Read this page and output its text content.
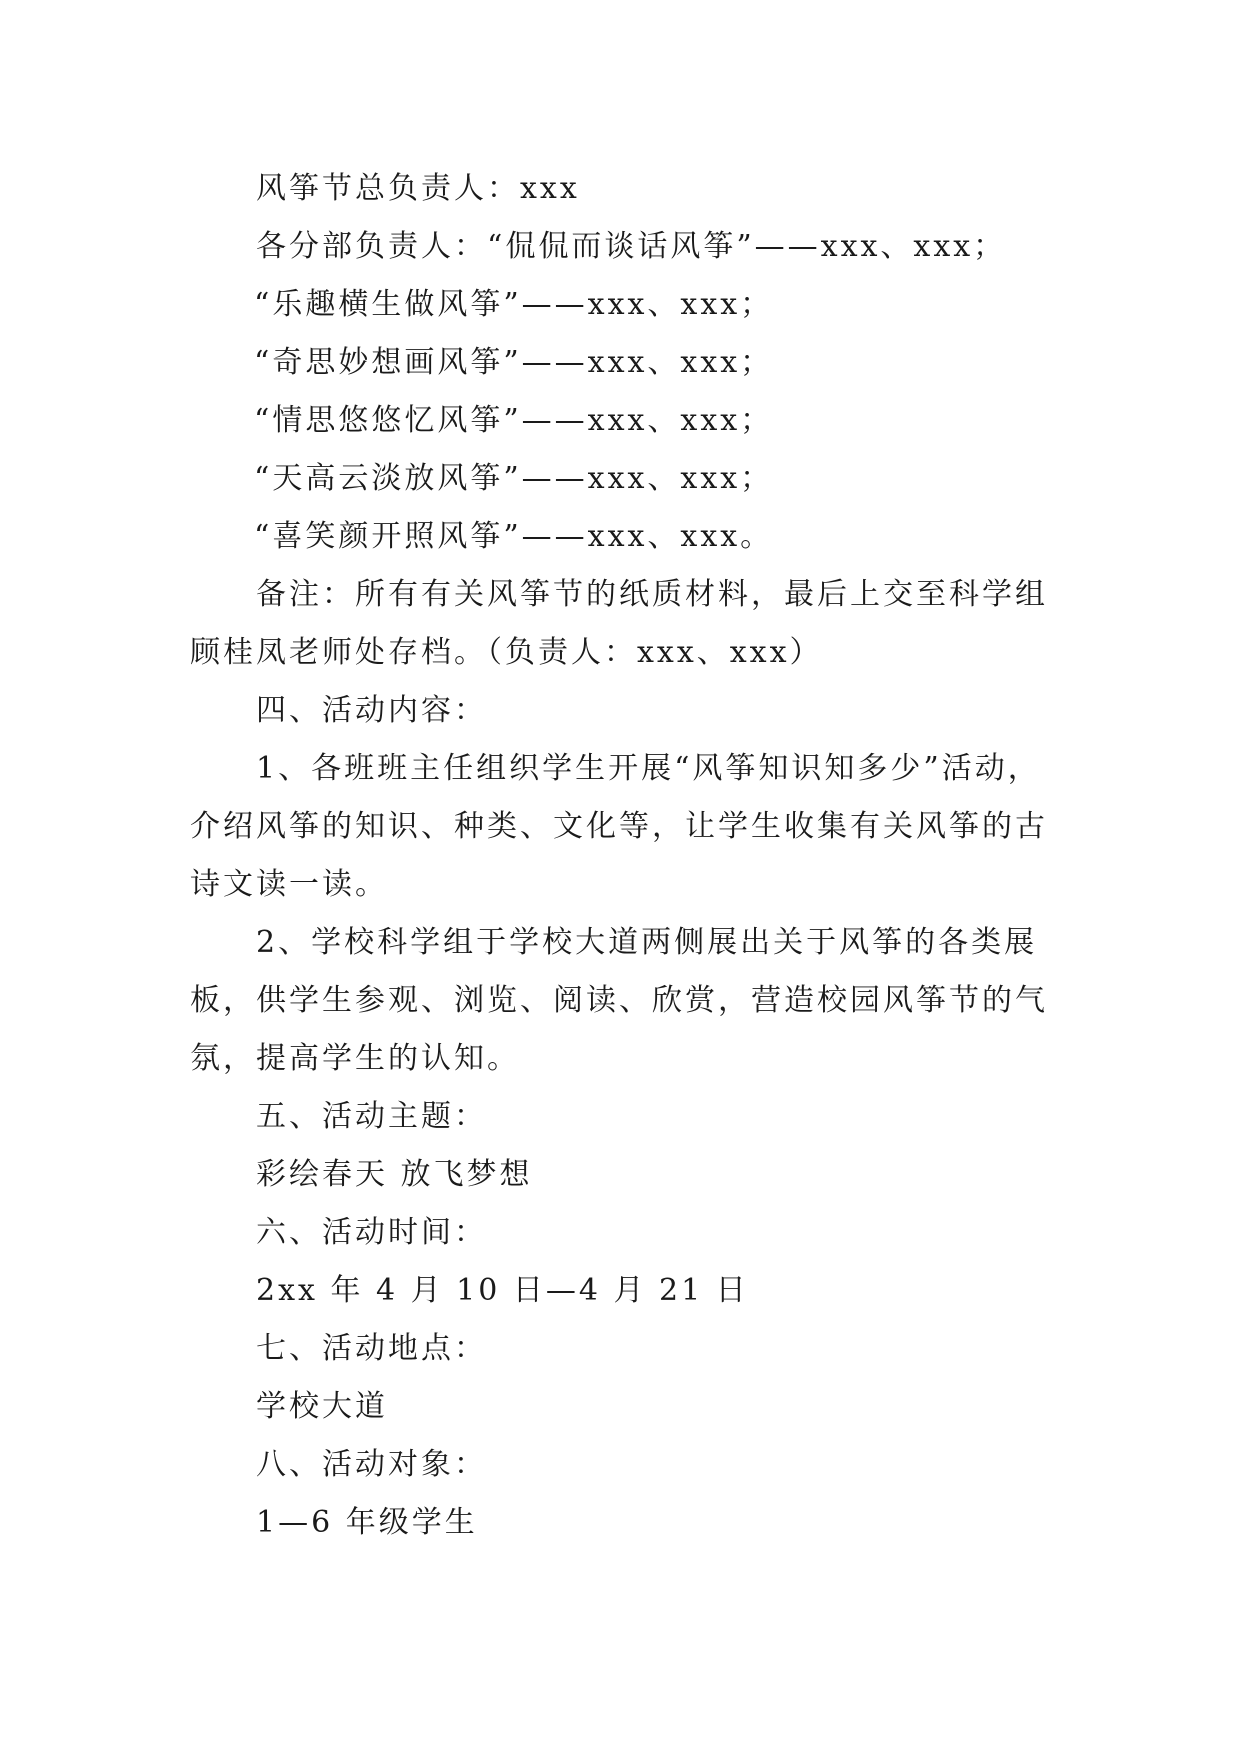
风筝节总负责人：xxx

各分部负责人：“侃侃而谈话风筝”——xxx、xxx；

“乐趣横生做风筝”——xxx、xxx；

“奇思妙想画风筝”——xxx、xxx；

“情思悠悠忆风筝”——xxx、xxx；

“天高云淡放风筝”——xxx、xxx；

“喜笑颜开照风筝”——xxx、xxx。

备注：所有有关风筝节的纸质材料，最后上交至科学组顾桂凤老师处存档。（负责人：xxx、xxx）

四、活动内容：

1、各班班主任组织学生开展“风筝知识知多少”活动，介绍风筝的知识、种类、文化等，让学生收集有关风筝的古诗文读一读。

2、学校科学组于学校大道两侧展出关于风筝的各类展板，供学生参观、浏览、阅读、欣赏，营造校园风筝节的气氛，提高学生的认知。

五、活动主题：

彩绘春天 放飞梦想

六、活动时间：

2xx 年 4 月 10 日—4 月 21 日

七、活动地点：

学校大道

八、活动对象：

1—6 年级学生
